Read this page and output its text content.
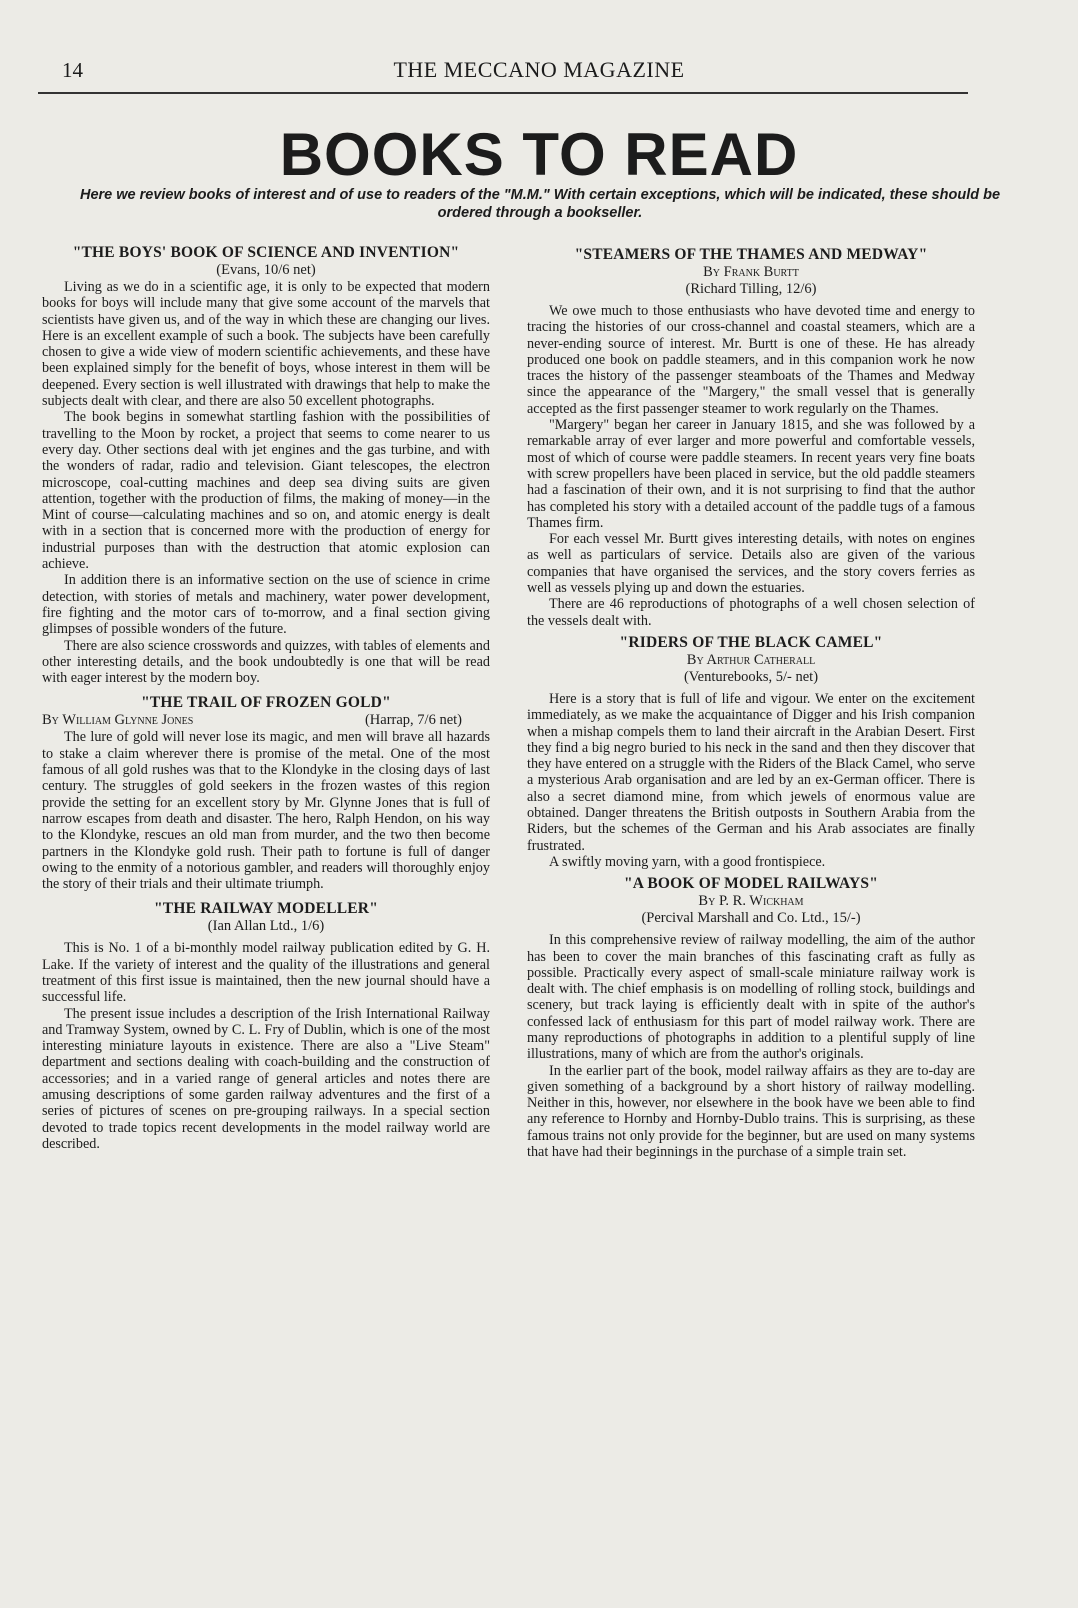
14	THE MECCANO MAGAZINE
BOOKS TO READ
Here we review books of interest and of use to readers of the "M.M." With certain exceptions, which will be indicated, these should be ordered through a bookseller.
"THE BOYS' BOOK OF SCIENCE AND INVENTION"
(Evans, 10/6 net)

Living as we do in a scientific age, it is only to be expected that modern books for boys will include many that give some account of the marvels that scientists have given us, and of the way in which these are changing our lives. Here is an excellent example of such a book. The subjects have been carefully chosen to give a wide view of modern scientific achievements, and these have been explained simply for the benefit of boys, whose interest in them will be deepened. Every section is well illustrated with drawings that help to make the subjects dealt with clear, and there are also 50 excellent photographs.

The book begins in somewhat startling fashion with the possibilities of travelling to the Moon by rocket, a project that seems to come nearer to us every day. Other sections deal with jet engines and the gas turbine, and with the wonders of radar, radio and television. Giant telescopes, the electron microscope, coal-cutting machines and deep sea diving suits are given attention, together with the production of films, the making of money—in the Mint of course—calculating machines and so on, and atomic energy is dealt with in a section that is concerned more with the production of energy for industrial purposes than with the destruction that atomic explosion can achieve.

In addition there is an informative section on the use of science in crime detection, with stories of metals and machinery, water power development, fire fighting and the motor cars of to-morrow, and a final section giving glimpses of possible wonders of the future.

There are also science crosswords and quizzes, with tables of elements and other interesting details, and the book undoubtedly is one that will be read with eager interest by the modern boy.

"THE TRAIL OF FROZEN GOLD"
By William Glynne Jones	(Harrap, 7/6 net)

The lure of gold will never lose its magic, and men will brave all hazards to stake a claim wherever there is promise of the metal. One of the most famous of all gold rushes was that to the Klondyke in the closing days of last century. The struggles of gold seekers in the frozen wastes of this region provide the setting for an excellent story by Mr. Glynne Jones that is full of narrow escapes from death and disaster. The hero, Ralph Hendon, on his way to the Klondyke, rescues an old man from murder, and the two then become partners in the Klondyke gold rush. Their path to fortune is full of danger owing to the enmity of a notorious gambler, and readers will thoroughly enjoy the story of their trials and their ultimate triumph.

"THE RAILWAY MODELLER"
(Ian Allan Ltd., 1/6)

This is No. 1 of a bi-monthly model railway publication edited by G. H. Lake. If the variety of interest and the quality of the illustrations and general treatment of this first issue is maintained, then the new journal should have a successful life.

The present issue includes a description of the Irish International Railway and Tramway System, owned by C. L. Fry of Dublin, which is one of the most interesting miniature layouts in existence. There are also a "Live Steam" department and sections dealing with coach-building and the construction of accessories; and in a varied range of general articles and notes there are amusing descriptions of some garden railway adventures and the first of a series of pictures of scenes on pre-grouping railways. In a special section devoted to trade topics recent developments in the model railway world are described.

"STEAMERS OF THE THAMES AND MEDWAY"
By Frank Burtt
(Richard Tilling, 12/6)

We owe much to those enthusiasts who have devoted time and energy to tracing the histories of our cross-channel and coastal steamers, which are a never-ending source of interest. Mr. Burtt is one of these. He has already produced one book on paddle steamers, and in this companion work he now traces the history of the passenger steamboats of the Thames and Medway since the appearance of the "Margery," the small vessel that is generally accepted as the first passenger steamer to work regularly on the Thames.

"Margery" began her career in January 1815, and she was followed by a remarkable array of ever larger and more powerful and comfortable vessels, most of which of course were paddle steamers. In recent years very fine boats with screw propellers have been placed in service, but the old paddle steamers had a fascination of their own, and it is not surprising to find that the author has completed his story with a detailed account of the paddle tugs of a famous Thames firm.

For each vessel Mr. Burtt gives interesting details, with notes on engines as well as particulars of service. Details also are given of the various companies that have organised the services, and the story covers ferries as well as vessels plying up and down the estuaries.

There are 46 reproductions of photographs of a well chosen selection of the vessels dealt with.

"RIDERS OF THE BLACK CAMEL"
By Arthur Catherall
(Venturebooks, 5/- net)

Here is a story that is full of life and vigour. We enter on the excitement immediately, as we make the acquaintance of Digger and his Irish companion when a mishap compels them to land their aircraft in the Arabian Desert. First they find a big negro buried to his neck in the sand and then they discover that they have entered on a struggle with the Riders of the Black Camel, who serve a mysterious Arab organisation and are led by an ex-German officer. There is also a secret diamond mine, from which jewels of enormous value are obtained. Danger threatens the British outposts in Southern Arabia from the Riders, but the schemes of the German and his Arab associates are finally frustrated.

A swiftly moving yarn, with a good frontispiece.

"A BOOK OF MODEL RAILWAYS"
By P. R. Wickham
(Percival Marshall and Co. Ltd., 15/-)

In this comprehensive review of railway modelling, the aim of the author has been to cover the main branches of this fascinating craft as fully as possible. Practically every aspect of small-scale miniature railway work is dealt with. The chief emphasis is on modelling of rolling stock, buildings and scenery, but track laying is efficiently dealt with in spite of the author's confessed lack of enthusiasm for this part of model railway work. There are many reproductions of photographs in addition to a plentiful supply of line illustrations, many of which are from the author's originals.

In the earlier part of the book, model railway affairs as they are to-day are given something of a background by a short history of railway modelling. Neither in this, however, nor elsewhere in the book have we been able to find any reference to Hornby and Hornby-Dublo trains. This is surprising, as these famous trains not only provide for the beginner, but are used on many systems that have had their beginnings in the purchase of a simple train set.
